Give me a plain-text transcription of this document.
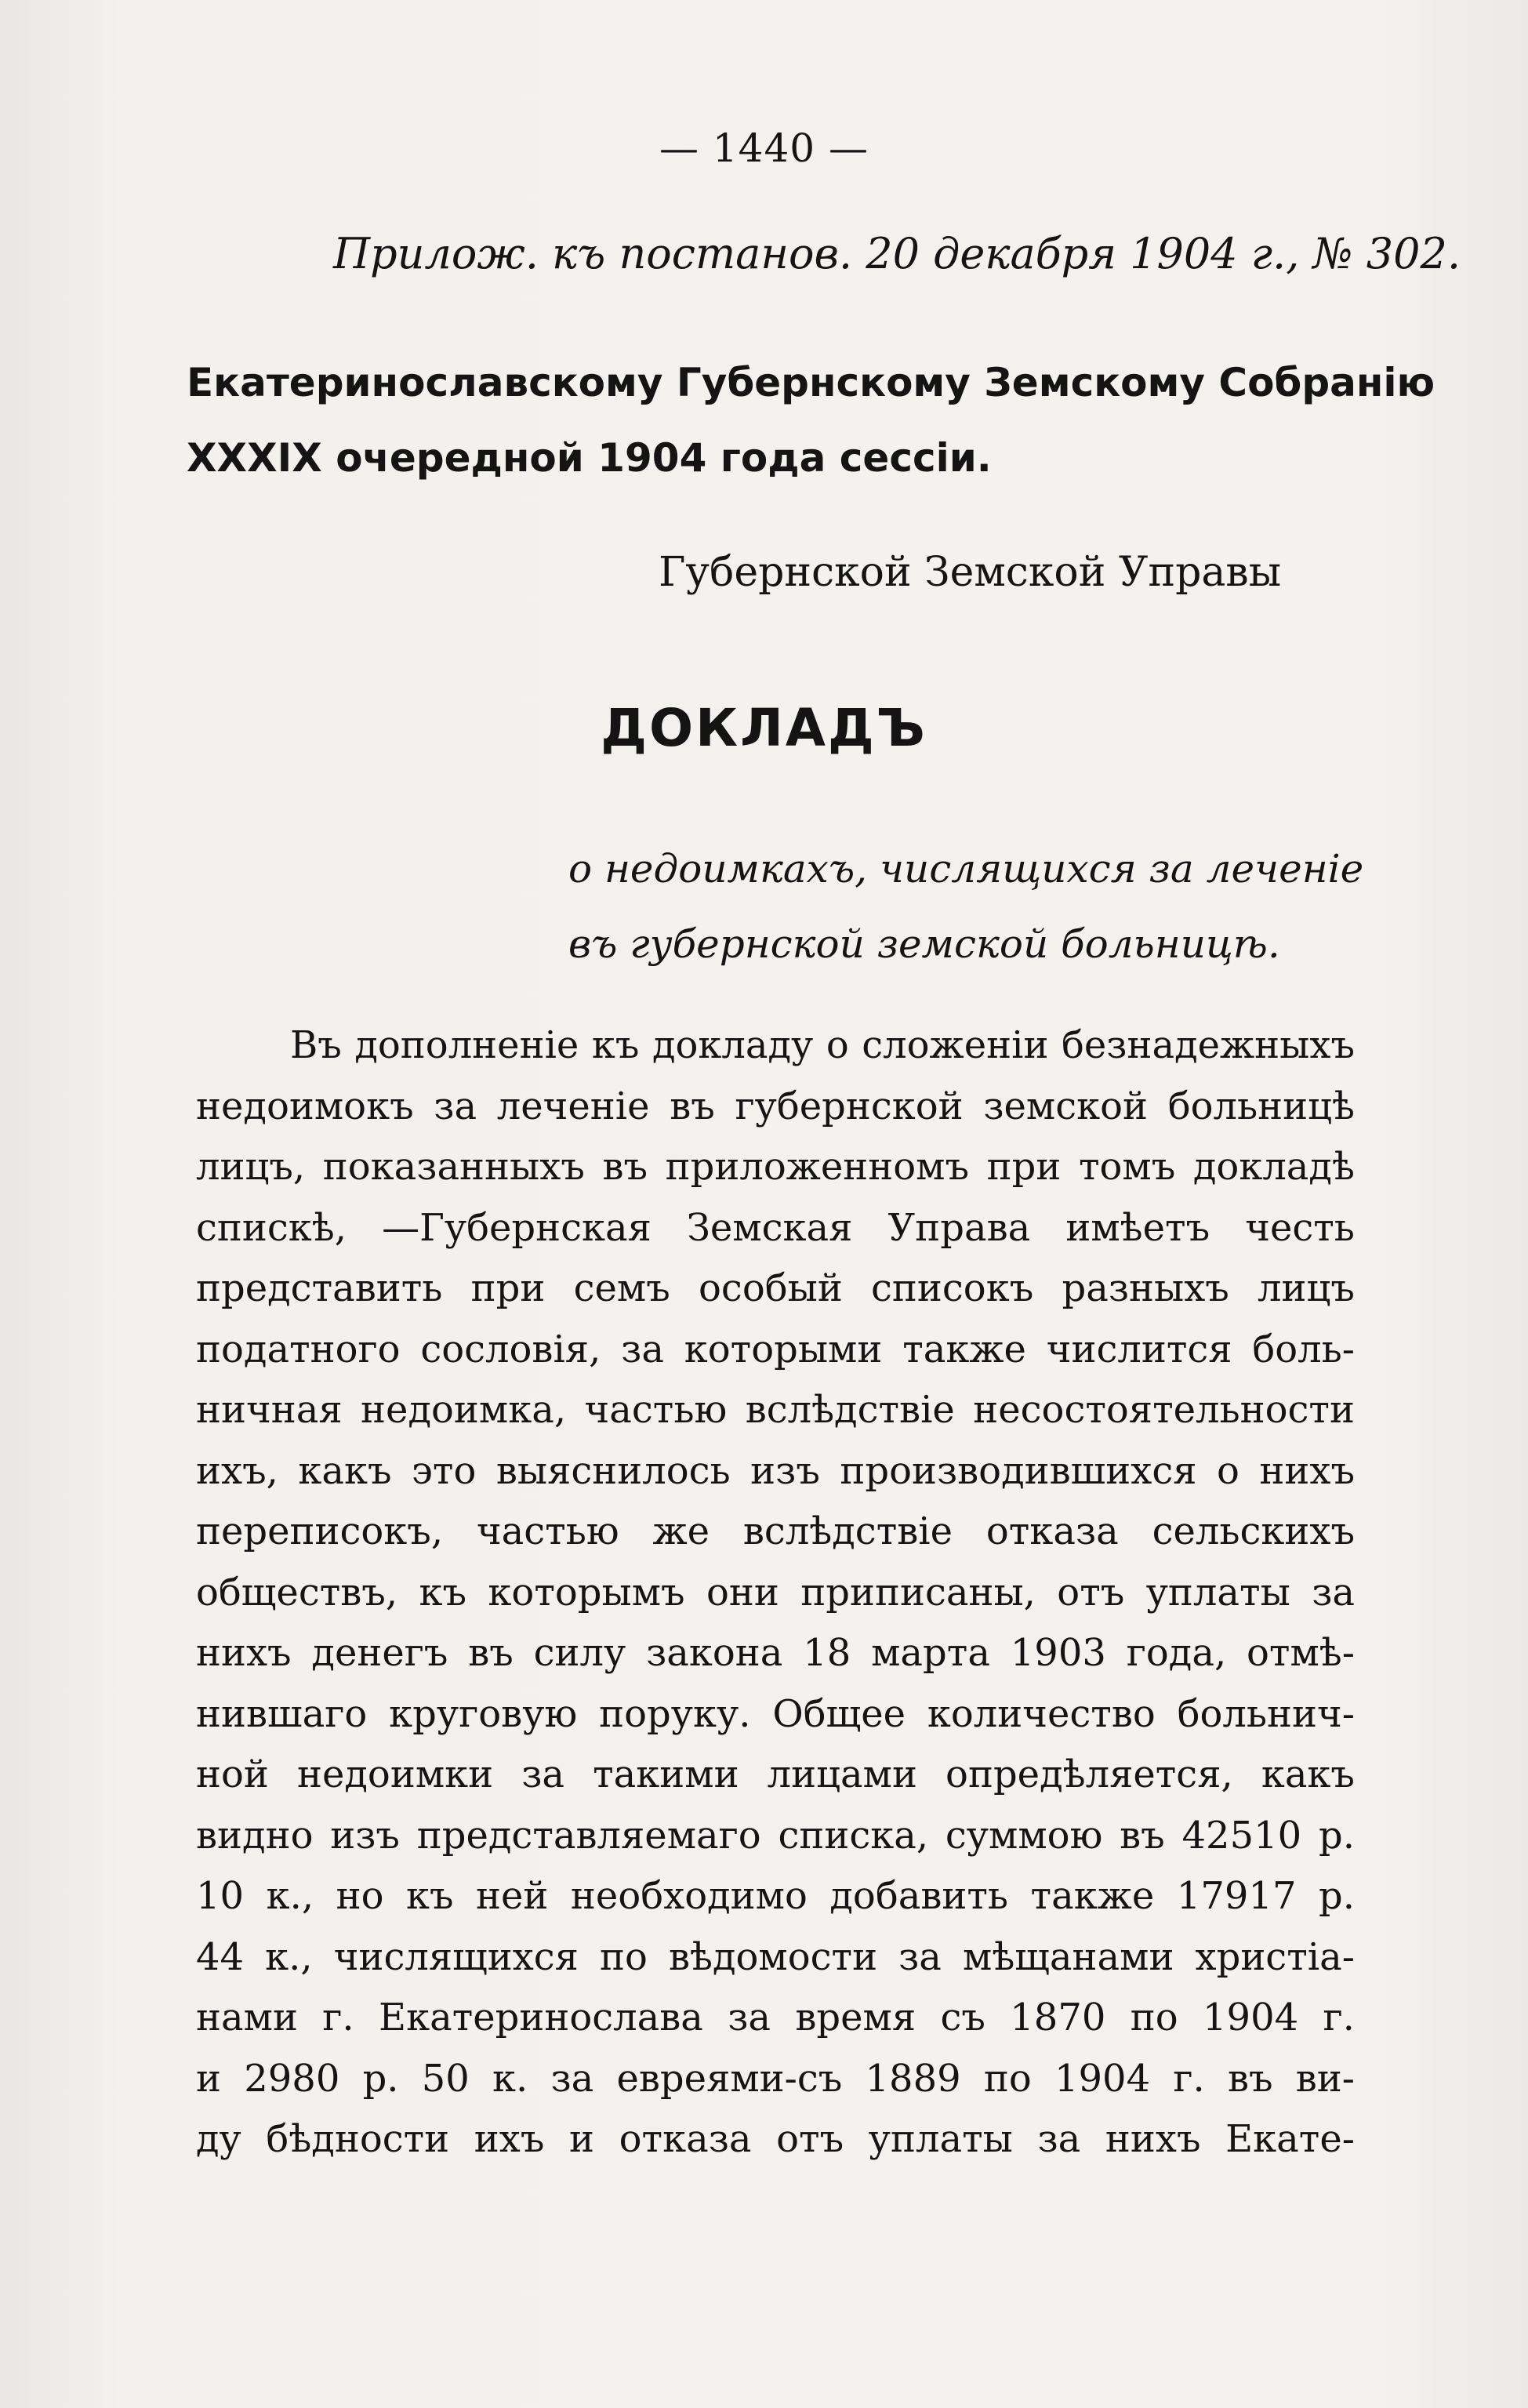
— 1440 —
Прилож. къ постанов. 20 декабря 1904 г., № 302.
Екатеринославскому Губернскому Земскому Собранію
XXXIX очередной 1904 года сессіи.
Губернской Земской Управы
ДОКЛАДЪ
о недоимкахъ, числящихся за леченіе
въ губернской земской больницѣ.
Въ дополненіе къ докладу о сложеніи безнадежныхъ
недоимокъ за леченіе въ губернской земской больницѣ
лицъ, показанныхъ въ приложенномъ при томъ докладѣ
спискѣ, —Губернская Земская Управа имѣетъ честь
представить при семъ особый списокъ разныхъ лицъ
податного сословія, за которыми также числится боль-
ничная недоимка, частью вслѣдствіе несостоятельности
ихъ, какъ это выяснилось изъ производившихся о нихъ
переписокъ, частью же вслѣдствіе отказа сельскихъ
обществъ, къ которымъ они приписаны, отъ уплаты за
нихъ денегъ въ силу закона 18 марта 1903 года, отмѣ-
нившаго круговую поруку. Общее количество больнич-
ной недоимки за такими лицами опредѣляется, какъ
видно изъ представляемаго списка, суммою въ 42510 р.
10 к., но къ ней необходимо добавить также 17917 р.
44 к., числящихся по вѣдомости за мѣщанами христіа-
нами г. Екатеринослава за время съ 1870 по 1904 г.
и 2980 р. 50 к. за евреями-съ 1889 по 1904 г. въ ви-
ду бѣдности ихъ и отказа отъ уплаты за нихъ Екате-
